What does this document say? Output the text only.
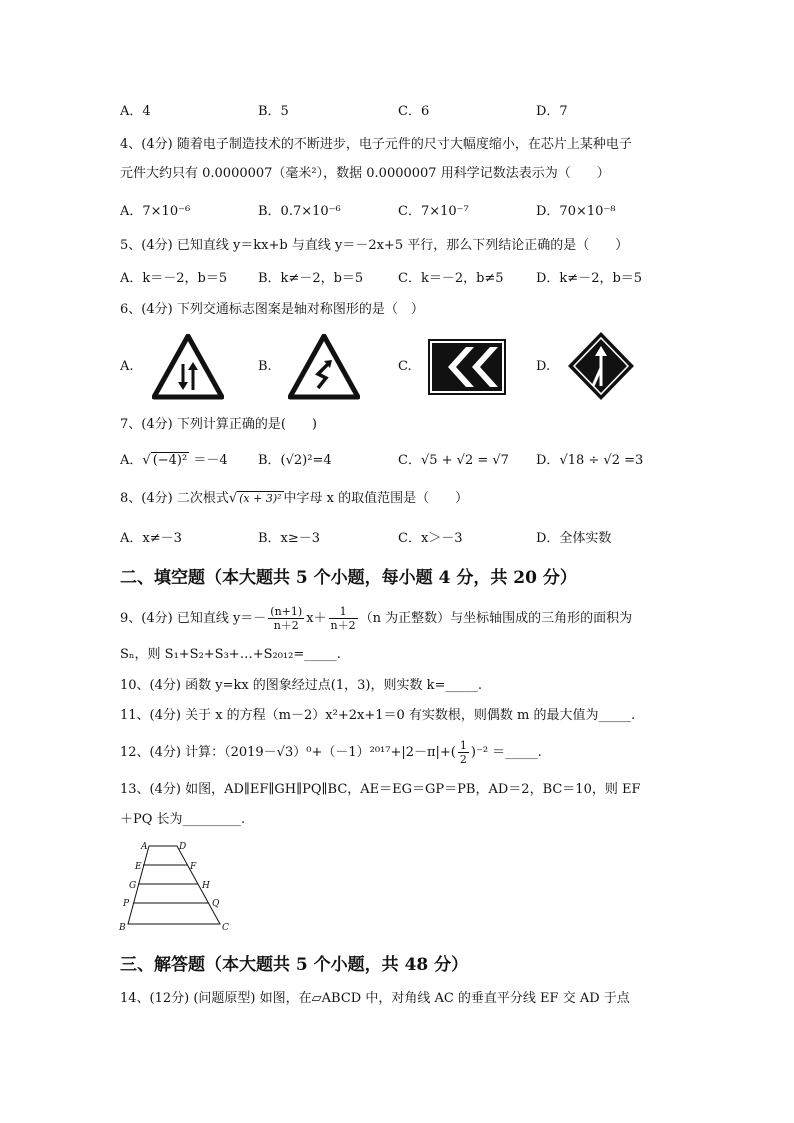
A．4	B．5	C．6	D．7
4、(4分) 随着电子制造技术的不断进步，电子元件的尺寸大幅度缩小，在芯片上某种电子
元件大约只有 0.0000007（毫米²），数据 0.0000007 用科学记数法表示为（　　）
A．7×10⁻⁶	B．0.7×10⁻⁶	C．7×10⁻⁷	D．70×10⁻⁸
5、(4分) 已知直线 y＝kx+b 与直线 y＝－2x+5 平行，那么下列结论正确的是（　　）
A．k＝－2，b＝5 B．k≠－2，b＝5	C．k＝－2，b≠5 D．k≠－2，b＝5
6、(4分) 下列交通标志图案是轴对称图形的是（　）
A.	B.	C.	D.
7、(4分) 下列计算正确的是(　　)
A．√ (−4)² ＝－4 B．(√2)²=4	C．√5 + √2 = √7 D．√18 ÷ √2 =3
8、(4分) 二次根式√ (x + 3)² 中字母 x 的取值范围是（　　）
A．x≠－3	B．x≥－3	C．x＞－3	D．全体实数
二、填空题（本大题共 5 个小题，每小题 4 分，共 20 分）
9、(4分) 已知直线 $y=- \frac{(n+1)}{n+2} x+ \frac{1}{n+2} (n$ 为正整数）与坐标轴围成的三角形的面积为
Sₙ，则 S₁+S₂+S₃+…+S₂₀₁₂=_____.
10、(4分) 函数 y=kx 的图象经过点(1，3)，则实数 k=_____.
11、(4分) 关于 x 的方程（m－2）x²+2x+1＝0 有实数根，则偶数 m 的最大值为_____.
12、(4分) 计算：$(2019-√3)^0+(-1)^{2017}+|2-\pi|+( \frac{1}{2} )^{-2}$ ＝_____.
13、(4分) 如图，AD∥EF∥GH∥PQ∥BC，AE＝EG＝GP＝PB，AD＝2，BC＝10，则 EF
＋PQ 长为_________.
A	D
E	F
G	H
P	Q
B	C
三、解答题（本大题共 5 个小题，共 48 分）
14、(12分) (问题原型) 如图，在▱ABCD 中，对角线 AC 的垂直平分线 EF 交 AD 于点
